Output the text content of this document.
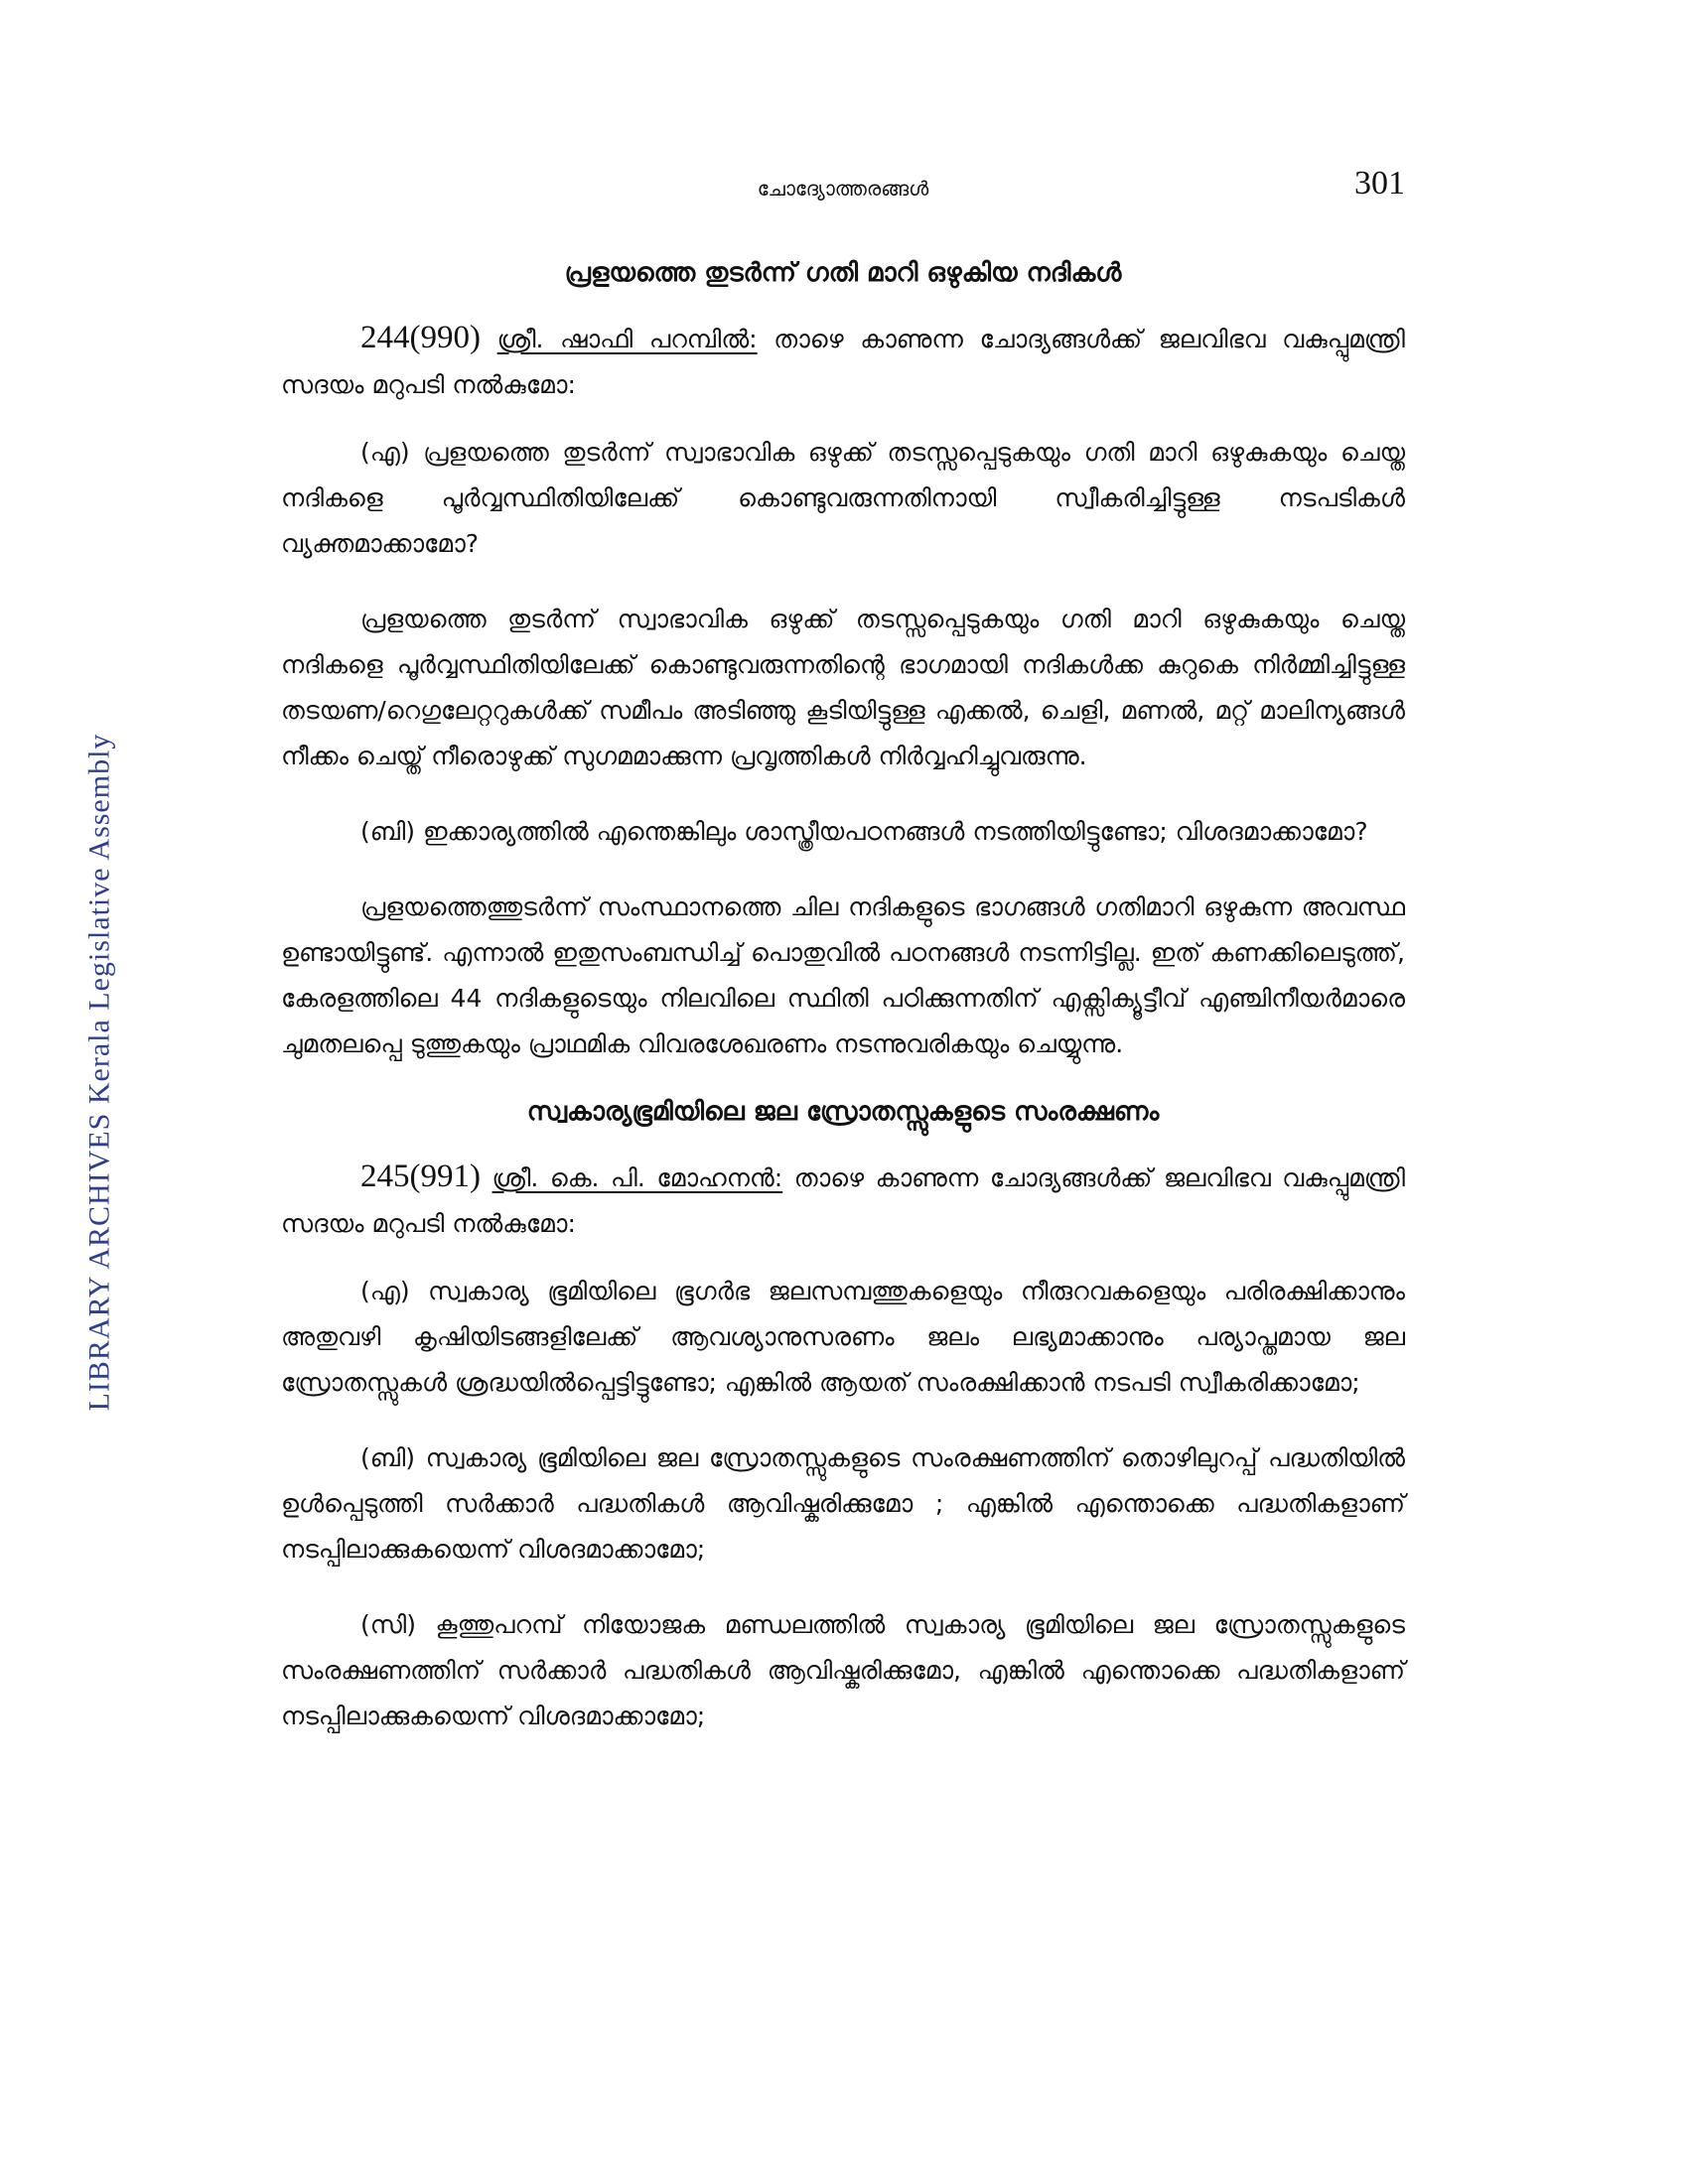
LIBRARY ARCHIVES Kerala Legislative Assembly
ചോദ്യോത്തരങ്ങൾ	301
പ്രളയത്തെ തുടർന്ന് ഗതി മാറി ഒഴുകിയ നദികൾ

244(990) ശ്രീ. ഷാഫി പറമ്പിൽ: താഴെ കാണുന്ന ചോദ്യങ്ങൾക്ക് ജലവിഭവ വകുപ്പുമന്ത്രി സദയം മറുപടി നൽകുമോ:

(എ) പ്രളയത്തെ തുടർന്ന് സ്വാഭാവിക ഒഴുക്ക് തടസ്സപ്പെടുകയും ഗതി മാറി ഒഴുകുകയും ചെയ്ത നദികളെ പൂർവ്വസ്ഥിതിയിലേക്ക് കൊണ്ടുവരുന്നതിനായി സ്വീകരിച്ചിട്ടുള്ള നടപടികൾ വ്യക്തമാക്കാമോ?

പ്രളയത്തെ തുടർന്ന് സ്വാഭാവിക ഒഴുക്ക് തടസ്സപ്പെടുകയും ഗതി മാറി ഒഴുകുകയും ചെയ്ത നദികളെ പൂർവ്വസ്ഥിതിയിലേക്ക് കൊണ്ടുവരുന്നതിന്റെ ഭാഗമായി നദികൾക്ക കുറുകെ നിർമ്മിച്ചിട്ടുള്ള തടയണ/റെഗുലേറ്ററുകൾക്ക് സമീപം അടിഞ്ഞു കൂടിയിട്ടുള്ള എക്കൽ, ചെളി, മണൽ, മറ്റ് മാലിന്യങ്ങൾ നീക്കം ചെയ്ത് നീരൊഴുക്ക് സുഗമമാക്കുന്ന പ്രവൃത്തികൾ നിർവ്വഹിച്ചുവരുന്നു.

(ബി) ഇക്കാര്യത്തിൽ എന്തെങ്കിലും ശാസ്ത്രീയപഠനങ്ങൾ നടത്തിയിട്ടുണ്ടോ; വിശദമാക്കാമോ?

പ്രളയത്തെത്തുടർന്ന് സംസ്ഥാനത്തെ ചില നദികളുടെ ഭാഗങ്ങൾ ഗതിമാറി ഒഴുകുന്ന അവസ്ഥ ഉണ്ടായിട്ടുണ്ട്. എന്നാൽ ഇതുസംബന്ധിച്ച് പൊതുവിൽ പഠനങ്ങൾ നടന്നിട്ടില്ല. ഇത് കണക്കിലെടുത്ത്, കേരളത്തിലെ 44 നദികളുടെയും നിലവിലെ സ്ഥിതി പഠിക്കുന്നതിന് എക്സിക്യൂട്ടീവ് എഞ്ചിനീയർമാരെ ചുമതലപ്പെ ടുത്തുകയും പ്രാഥമിക വിവരശേഖരണം നടന്നുവരികയും ചെയ്യുന്നു.

സ്വകാര്യഭൂമിയിലെ ജല സ്രോതസ്സുകളുടെ സംരക്ഷണം

245(991) ശ്രീ. കെ. പി. മോഹനൻ: താഴെ കാണുന്ന ചോദ്യങ്ങൾക്ക് ജലവിഭവ വകുപ്പുമന്ത്രി സദയം മറുപടി നൽകുമോ:

(എ) സ്വകാര്യ ഭൂമിയിലെ ഭൂഗർഭ ജലസമ്പത്തുകളെയും നീരുറവകളെയും പരിരക്ഷിക്കാനും അതുവഴി കൃഷിയിടങ്ങളിലേക്ക് ആവശ്യാനുസരണം ജലം ലഭ്യമാക്കാനും പര്യാപ്തമായ ജല സ്രോതസ്സുകൾ ശ്രദ്ധയിൽപ്പെട്ടിട്ടുണ്ടോ; എങ്കിൽ ആയത് സംരക്ഷിക്കാൻ നടപടി സ്വീകരിക്കാമോ;

(ബി) സ്വകാര്യ ഭൂമിയിലെ ജല സ്രോതസ്സുകളുടെ സംരക്ഷണത്തിന് തൊഴിലുറപ്പ് പദ്ധതിയിൽ ഉൾപ്പെടുത്തി സർക്കാർ പദ്ധതികൾ ആവിഷ്കരിക്കുമോ ; എങ്കിൽ എന്തൊക്കെ പദ്ധതികളാണ് നടപ്പിലാക്കുകയെന്ന് വിശദമാക്കാമോ;

(സി) കൂത്തുപറമ്പ് നിയോജക മണ്ഡലത്തിൽ സ്വകാര്യ ഭൂമിയിലെ ജല സ്രോതസ്സുകളുടെ സംരക്ഷണത്തിന് സർക്കാർ പദ്ധതികൾ ആവിഷ്കരിക്കുമോ, എങ്കിൽ എന്തൊക്കെ പദ്ധതികളാണ് നടപ്പിലാക്കുകയെന്ന് വിശദമാക്കാമോ;
